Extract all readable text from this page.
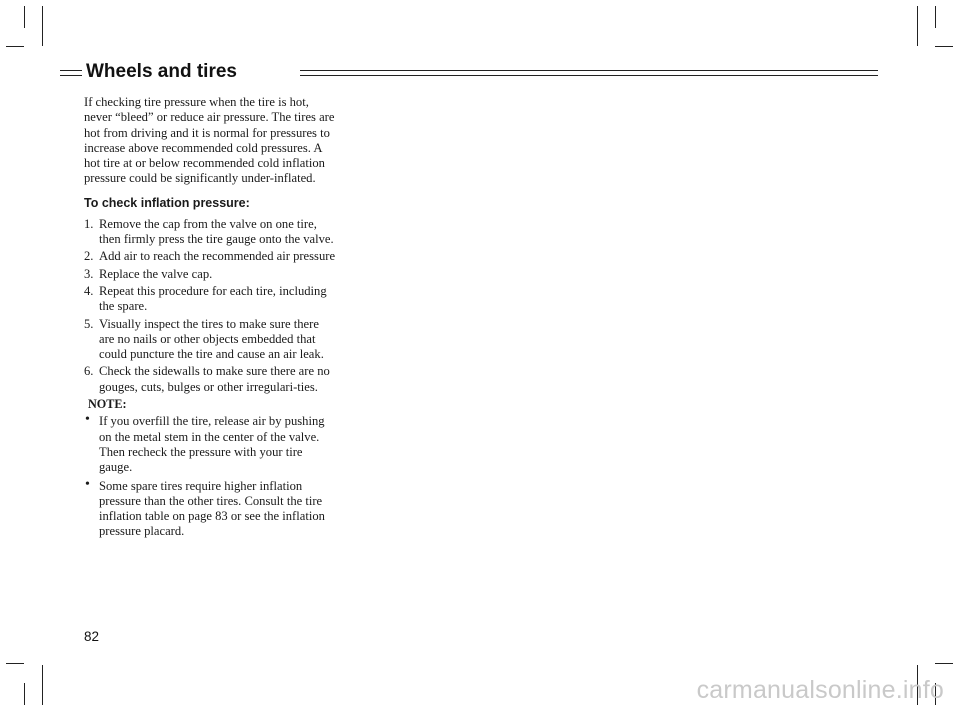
Wheels and tires

If checking tire pressure when the tire is hot, never “bleed” or reduce air pressure. The tires are hot from driving and it is normal for pressures to increase above recommended cold pressures. A hot tire at or below recommended cold inflation pressure could be significantly under-inflated.

To check inflation pressure:
1. Remove the cap from the valve on one tire, then firmly press the tire gauge onto the valve.
2. Add air to reach the recommended air pressure
3. Replace the valve cap.
4. Repeat this procedure for each tire, including the spare.
5. Visually inspect the tires to make sure there are no nails or other objects embedded that could puncture the tire and cause an air leak.
6. Check the sidewalls to make sure there are no gouges, cuts, bulges or other irregulari-ties.
NOTE:
• If you overfill the tire, release air by pushing on the metal stem in the center of the valve. Then recheck the pressure with your tire gauge.
• Some spare tires require higher inflation pressure than the other tires. Consult the tire inflation table on page 83 or see the inflation pressure placard.
82
carmanualsonline.info
